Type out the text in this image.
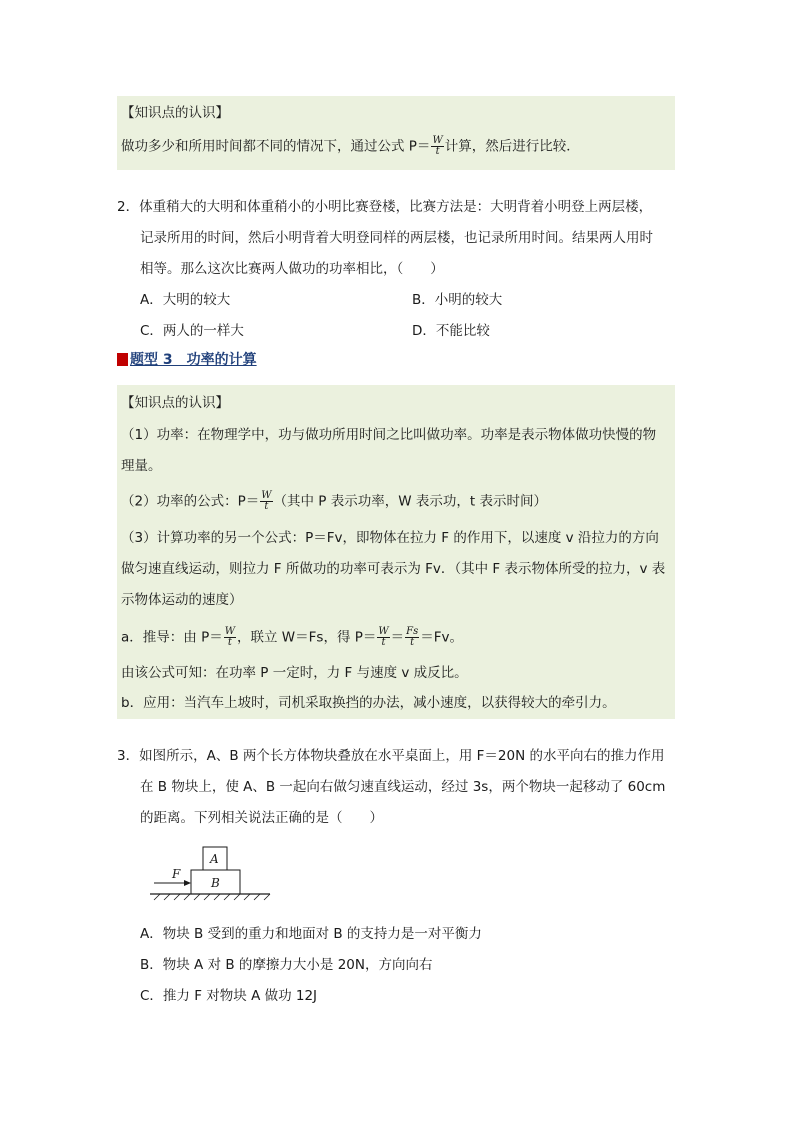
【知识点的认识】
做功多少和所用时间都不同的情况下，通过公式 $P= \frac{W}{t}$ 计算，然后进行比较．
2．体重稍大的大明和体重稍小的小明比赛登楼，比赛方法是：大明背着小明登上两层楼，
记录所用的时间，然后小明背着大明登同样的两层楼，也记录所用时间。结果两人用时
相等。那么这次比赛两人做功的功率相比，（　　）
A．大明的较大	B．小明的较大
C．两人的一样大	D．不能比较
题型 3　功率的计算
【知识点的认识】
（1）功率：在物理学中，功与做功所用时间之比叫做功率。功率是表示物体做功快慢的物
理量。
（2）功率的公式：$P= \frac{W}{t}$ （其中 P 表示功率，W 表示功，t 表示时间）
（3）计算功率的另一个公式：P＝Fv，即物体在拉力 F 的作用下，以速度 v 沿拉力的方向
做匀速直线运动，则拉力 F 所做功的功率可表示为 Fv．（其中 F 表示物体所受的拉力，v 表
示物体运动的速度）
a．推导：由 $P= \frac{W}{t}$ ，联立 W＝Fs，得 $P= \frac{W}{t} = \frac{Fs}{t} =Fv$。
由该公式可知：在功率 P 一定时，力 F 与速度 v 成反比。
b．应用：当汽车上坡时，司机采取换挡的办法，减小速度，以获得较大的牵引力。
3．如图所示，A、B 两个长方体物块叠放在水平桌面上，用 F＝20N 的水平向右的推力作用
在 B 物块上，使 A、B 一起向右做匀速直线运动，经过 3s，两个物块一起移动了 60cm
的距离。下列相关说法正确的是（　　）
A
B
F
A．物块 B 受到的重力和地面对 B 的支持力是一对平衡力
B．物块 A 对 B 的摩擦力大小是 20N，方向向右
C．推力 F 对物块 A 做功 12J
